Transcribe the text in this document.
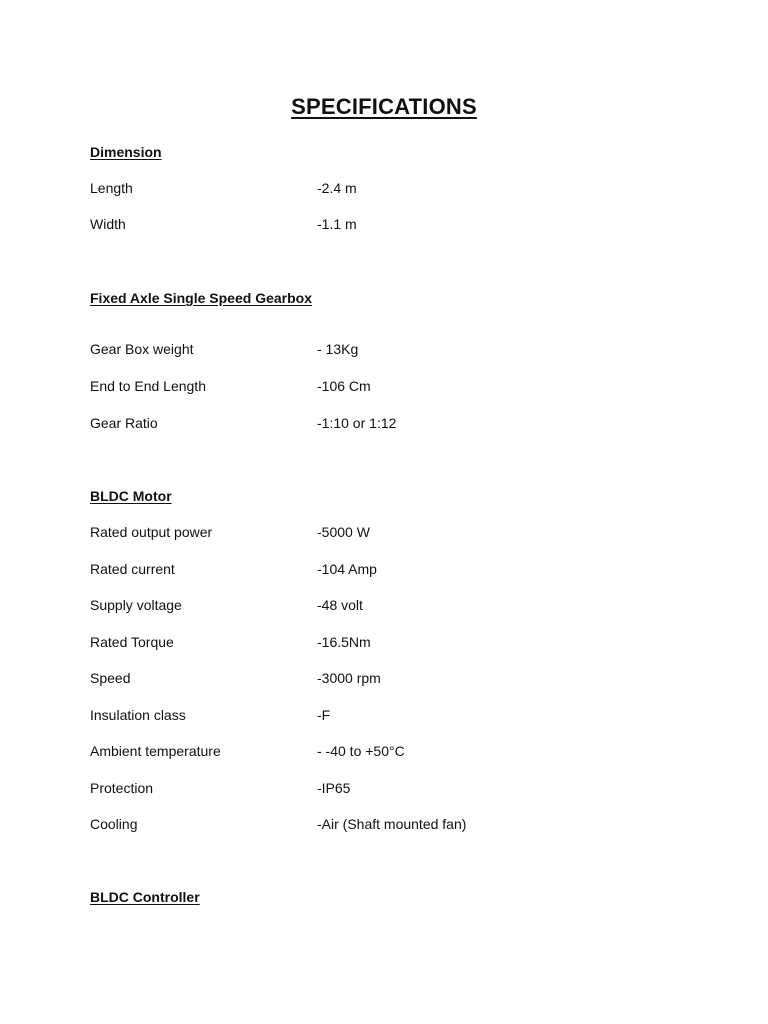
SPECIFICATIONS
Dimension
Length	-2.4 m
Width	-1.1 m
Fixed Axle Single Speed Gearbox
Gear Box weight	- 13Kg
End to End Length	-106 Cm
Gear Ratio	-1:10 or 1:12
BLDC Motor
Rated output power	-5000 W
Rated current	-104 Amp
Supply voltage	-48 volt
Rated Torque	-16.5Nm
Speed	-3000 rpm
Insulation class	-F
Ambient temperature	- -40 to +50°C
Protection	-IP65
Cooling	-Air (Shaft mounted fan)
BLDC Controller
